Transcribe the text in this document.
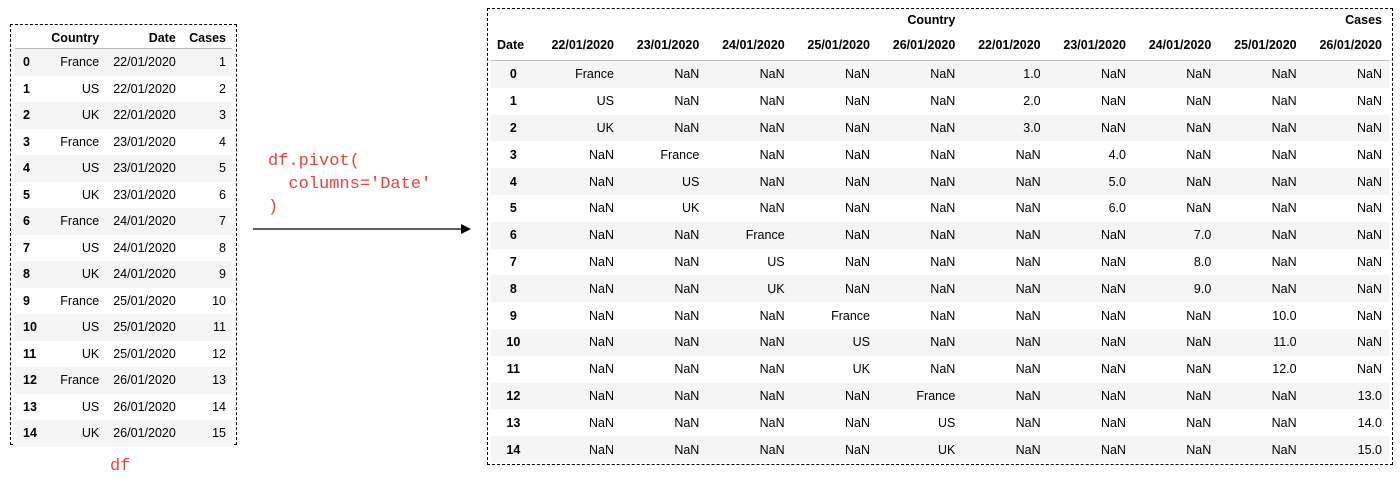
	Country	Date	Cases
0	France	22/01/2020	1
1	US	22/01/2020	2
2	UK	22/01/2020	3
3	France	23/01/2020	4
4	US	23/01/2020	5
5	UK	23/01/2020	6
6	France	24/01/2020	7
7	US	24/01/2020	8
8	UK	24/01/2020	9
9	France	25/01/2020	10
10	US	25/01/2020	11
11	UK	25/01/2020	12
12	France	26/01/2020	13
13	US	26/01/2020	14
14	UK	26/01/2020	15
df
df.pivot(
columns='Date'
)
	Country					Cases				
Date	22/01/2020	23/01/2020	24/01/2020	25/01/2020	26/01/2020	22/01/2020	23/01/2020	24/01/2020	25/01/2020	26/01/2020
0	France	NaN	NaN	NaN	NaN	1.0	NaN	NaN	NaN	NaN
1	US	NaN	NaN	NaN	NaN	2.0	NaN	NaN	NaN	NaN
2	UK	NaN	NaN	NaN	NaN	3.0	NaN	NaN	NaN	NaN
3	NaN	France	NaN	NaN	NaN	NaN	4.0	NaN	NaN	NaN
4	NaN	US	NaN	NaN	NaN	NaN	5.0	NaN	NaN	NaN
5	NaN	UK	NaN	NaN	NaN	NaN	6.0	NaN	NaN	NaN
6	NaN	NaN	France	NaN	NaN	NaN	NaN	7.0	NaN	NaN
7	NaN	NaN	US	NaN	NaN	NaN	NaN	8.0	NaN	NaN
8	NaN	NaN	UK	NaN	NaN	NaN	NaN	9.0	NaN	NaN
9	NaN	NaN	NaN	France	NaN	NaN	NaN	NaN	10.0	NaN
10	NaN	NaN	NaN	US	NaN	NaN	NaN	NaN	11.0	NaN
11	NaN	NaN	NaN	UK	NaN	NaN	NaN	NaN	12.0	NaN
12	NaN	NaN	NaN	NaN	France	NaN	NaN	NaN	NaN	13.0
13	NaN	NaN	NaN	NaN	US	NaN	NaN	NaN	NaN	14.0
14	NaN	NaN	NaN	NaN	UK	NaN	NaN	NaN	NaN	15.0
